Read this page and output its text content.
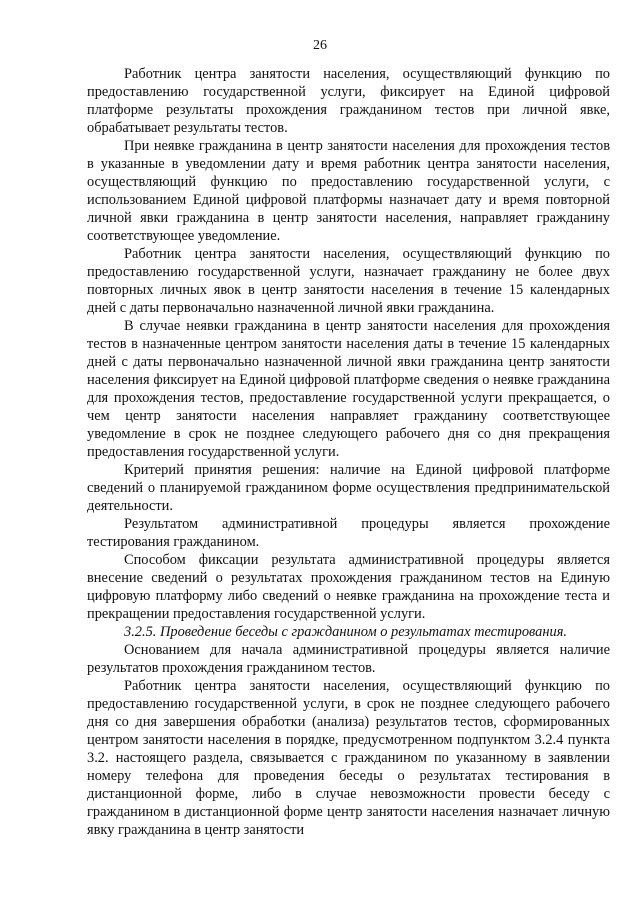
26

Работник центра занятости населения, осуществляющий функцию по предоставлению государственной услуги, фиксирует на Единой цифровой платформе результаты прохождения гражданином тестов при личной явке, обрабатывает результаты тестов.

При неявке гражданина в центр занятости населения для прохождения тестов в указанные в уведомлении дату и время работник центра занятости населения, осуществляющий функцию по предоставлению государственной услуги, с использованием Единой цифровой платформы назначает дату и время повторной личной явки гражданина в центр занятости населения, направляет гражданину соответствующее уведомление.

Работник центра занятости населения, осуществляющий функцию по предоставлению государственной услуги, назначает гражданину не более двух повторных личных явок в центр занятости населения в течение 15 календарных дней с даты первоначально назначенной личной явки гражданина.

В случае неявки гражданина в центр занятости населения для прохождения тестов в назначенные центром занятости населения даты в течение 15 календарных дней с даты первоначально назначенной личной явки гражданина центр занятости населения фиксирует на Единой цифровой платформе сведения о неявке гражданина для прохождения тестов, предоставление государственной услуги прекращается, о чем центр занятости населения направляет гражданину соответствующее уведомление в срок не позднее следующего рабочего дня со дня прекращения предоставления государственной услуги.

Критерий принятия решения: наличие на Единой цифровой платформе сведений о планируемой гражданином форме осуществления предпринимательской деятельности.

Результатом административной процедуры является прохождение тестирования гражданином.

Способом фиксации результата административной процедуры является внесение сведений о результатах прохождения гражданином тестов на Единую цифровую платформу либо сведений о неявке гражданина на прохождение теста и прекращении предоставления государственной услуги.

3.2.5. Проведение беседы с гражданином о результатах тестирования.

Основанием для начала административной процедуры является наличие результатов прохождения гражданином тестов.

Работник центра занятости населения, осуществляющий функцию по предоставлению государственной услуги, в срок не позднее следующего рабочего дня со дня завершения обработки (анализа) результатов тестов, сформированных центром занятости населения в порядке, предусмотренном подпунктом 3.2.4 пункта 3.2. настоящего раздела, связывается с гражданином по указанному в заявлении номеру телефона для проведения беседы о результатах тестирования в дистанционной форме, либо в случае невозможности провести беседу с гражданином в дистанционной форме центр занятости населения назначает личную явку гражданина в центр занятости
